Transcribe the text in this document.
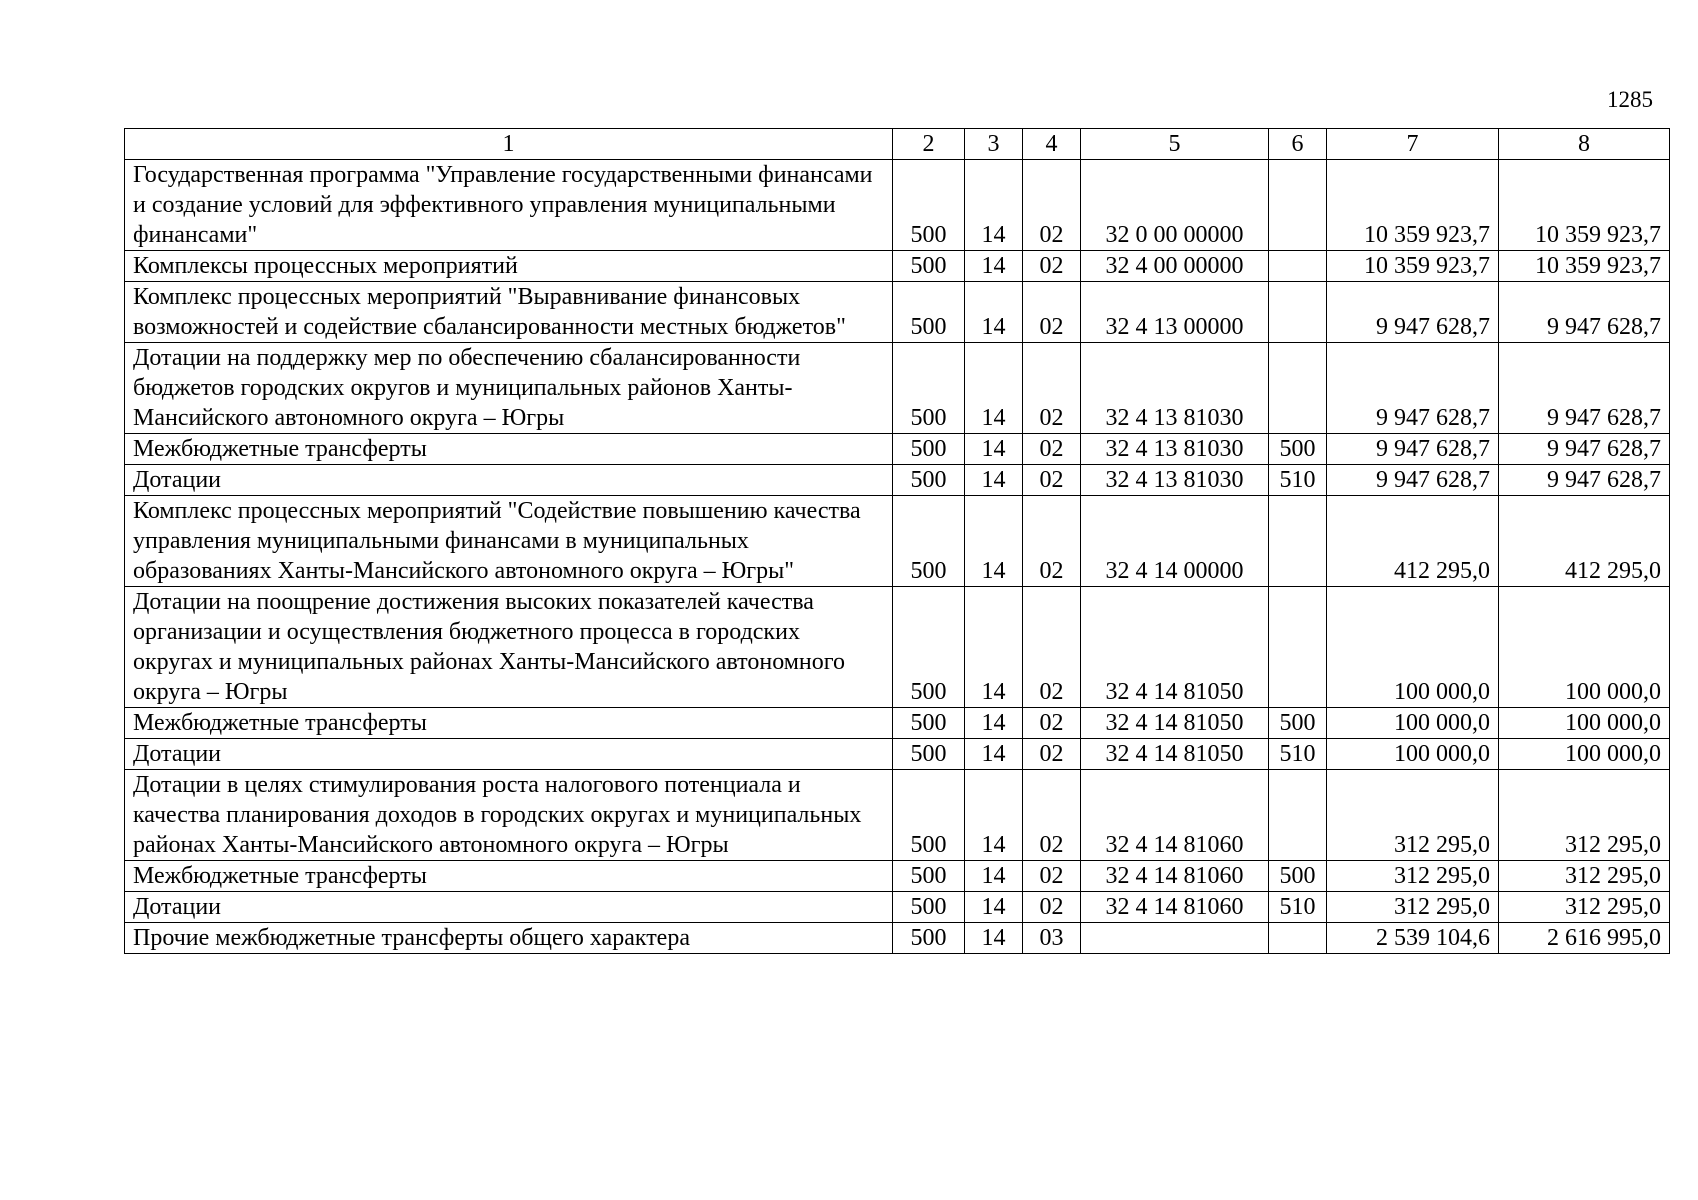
1285
1	2	3	4	5	6	7	8
Государственная программа "Управление государственными финансами и создание условий для эффективного управления муниципальными финансами"	500	14	02	32 0 00 00000		10 359 923,7	10 359 923,7
Комплексы процессных мероприятий	500	14	02	32 4 00 00000		10 359 923,7	10 359 923,7
Комплекс процессных мероприятий "Выравнивание финансовых возможностей и содействие сбалансированности местных бюджетов"	500	14	02	32 4 13 00000		9 947 628,7	9 947 628,7
Дотации на поддержку мер по обеспечению сбалансированности бюджетов городских округов и муниципальных районов Ханты-Мансийского автономного округа – Югры	500	14	02	32 4 13 81030		9 947 628,7	9 947 628,7
Межбюджетные трансферты	500	14	02	32 4 13 81030	500	9 947 628,7	9 947 628,7
Дотации	500	14	02	32 4 13 81030	510	9 947 628,7	9 947 628,7
Комплекс процессных мероприятий "Содействие повышению качества управления муниципальными финансами в муниципальных образованиях Ханты-Мансийского автономного округа – Югры"	500	14	02	32 4 14 00000		412 295,0	412 295,0
Дотации на поощрение достижения высоких показателей качества организации и осуществления бюджетного процесса в городских округах и муниципальных районах Ханты-Мансийского автономного округа – Югры	500	14	02	32 4 14 81050		100 000,0	100 000,0
Межбюджетные трансферты	500	14	02	32 4 14 81050	500	100 000,0	100 000,0
Дотации	500	14	02	32 4 14 81050	510	100 000,0	100 000,0
Дотации в целях стимулирования роста налогового потенциала и качества планирования доходов в городских округах и муниципальных районах Ханты-Мансийского автономного округа – Югры	500	14	02	32 4 14 81060		312 295,0	312 295,0
Межбюджетные трансферты	500	14	02	32 4 14 81060	500	312 295,0	312 295,0
Дотации	500	14	02	32 4 14 81060	510	312 295,0	312 295,0
Прочие межбюджетные трансферты общего характера	500	14	03			2 539 104,6	2 616 995,0
